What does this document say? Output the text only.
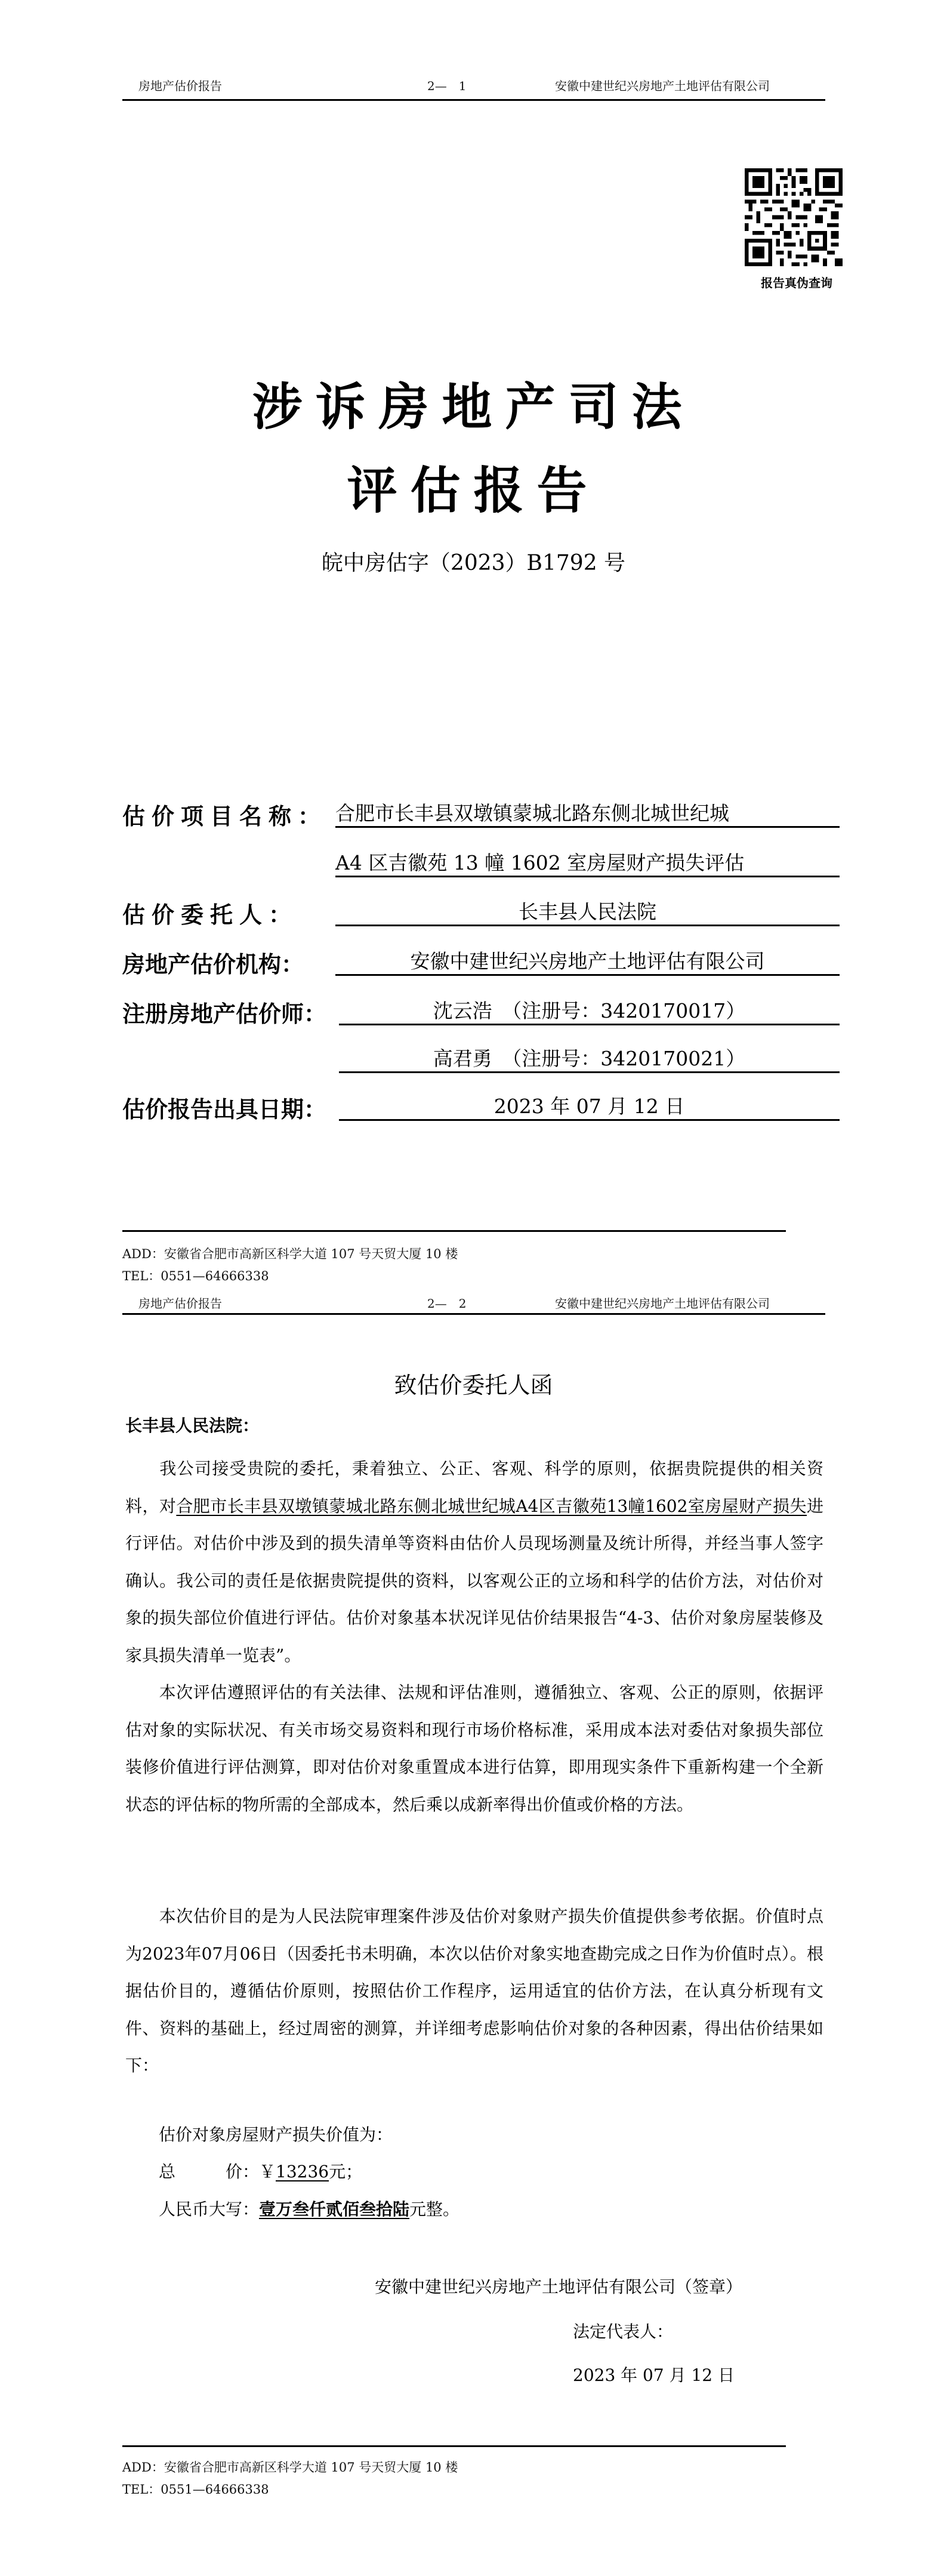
房地产估价报告	2—　1	安徽中建世纪兴房地产土地评估有限公司
报告真伪查询
涉诉房地产司法
评估报告
皖中房估字（2023）B1792 号
估价项目名称： 合肥市长丰县双墩镇蒙城北路东侧北城世纪城
A4 区吉徽苑 13 幢 1602 室房屋财产损失评估
估价委托人：	长丰县人民法院
房地产估价机构：	安徽中建世纪兴房地产土地评估有限公司
注册房地产估价师：	沈云浩　（注册号：3420170017）
高君勇　（注册号：3420170021）
估价报告出具日期：	2023 年 07 月 12 日
ADD：安徽省合肥市高新区科学大道 107 号天贸大厦 10 楼
TEL：0551—64666338
房地产估价报告	2—　2	安徽中建世纪兴房地产土地评估有限公司
致估价委托人函
长丰县人民法院：
我公司接受贵院的委托，秉着独立、公正、客观、科学的原则，依据贵院提供的相关资料，对合肥市长丰县双墩镇蒙城北路东侧北城世纪城A4区吉徽苑13幢1602室房屋财产损失进行评估。对估价中涉及到的损失清单等资料由估价人员现场测量及统计所得，并经当事人签字确认。我公司的责任是依据贵院提供的资料，以客观公正的立场和科学的估价方法，对估价对象的损失部位价值进行评估。估价对象基本状况详见估价结果报告“4-3、估价对象房屋装修及家具损失清单一览表”。
本次评估遵照评估的有关法律、法规和评估准则，遵循独立、客观、公正的原则，依据评估对象的实际状况、有关市场交易资料和现行市场价格标准，采用成本法对委估对象损失部位装修价值进行评估测算，即对估价对象重置成本进行估算，即用现实条件下重新构建一个全新状态的评估标的物所需的全部成本，然后乘以成新率得出价值或价格的方法。
本次估价目的是为人民法院审理案件涉及估价对象财产损失价值提供参考依据。价值时点为2023年07月06日（因委托书未明确，本次以估价对象实地查勘完成之日作为价值时点）。根据估价目的，遵循估价原则，按照估价工作程序，运用适宜的估价方法，在认真分析现有文件、资料的基础上，经过周密的测算，并详细考虑影响估价对象的各种因素，得出估价结果如下：
估价对象房屋财产损失价值为：
总　　　价：￥13236元；
人民币大写：壹万叁仟贰佰叁拾陆元整。
安徽中建世纪兴房地产土地评估有限公司（签章）
法定代表人：
2023 年 07 月 12 日
ADD：安徽省合肥市高新区科学大道 107 号天贸大厦 10 楼
TEL：0551—64666338
